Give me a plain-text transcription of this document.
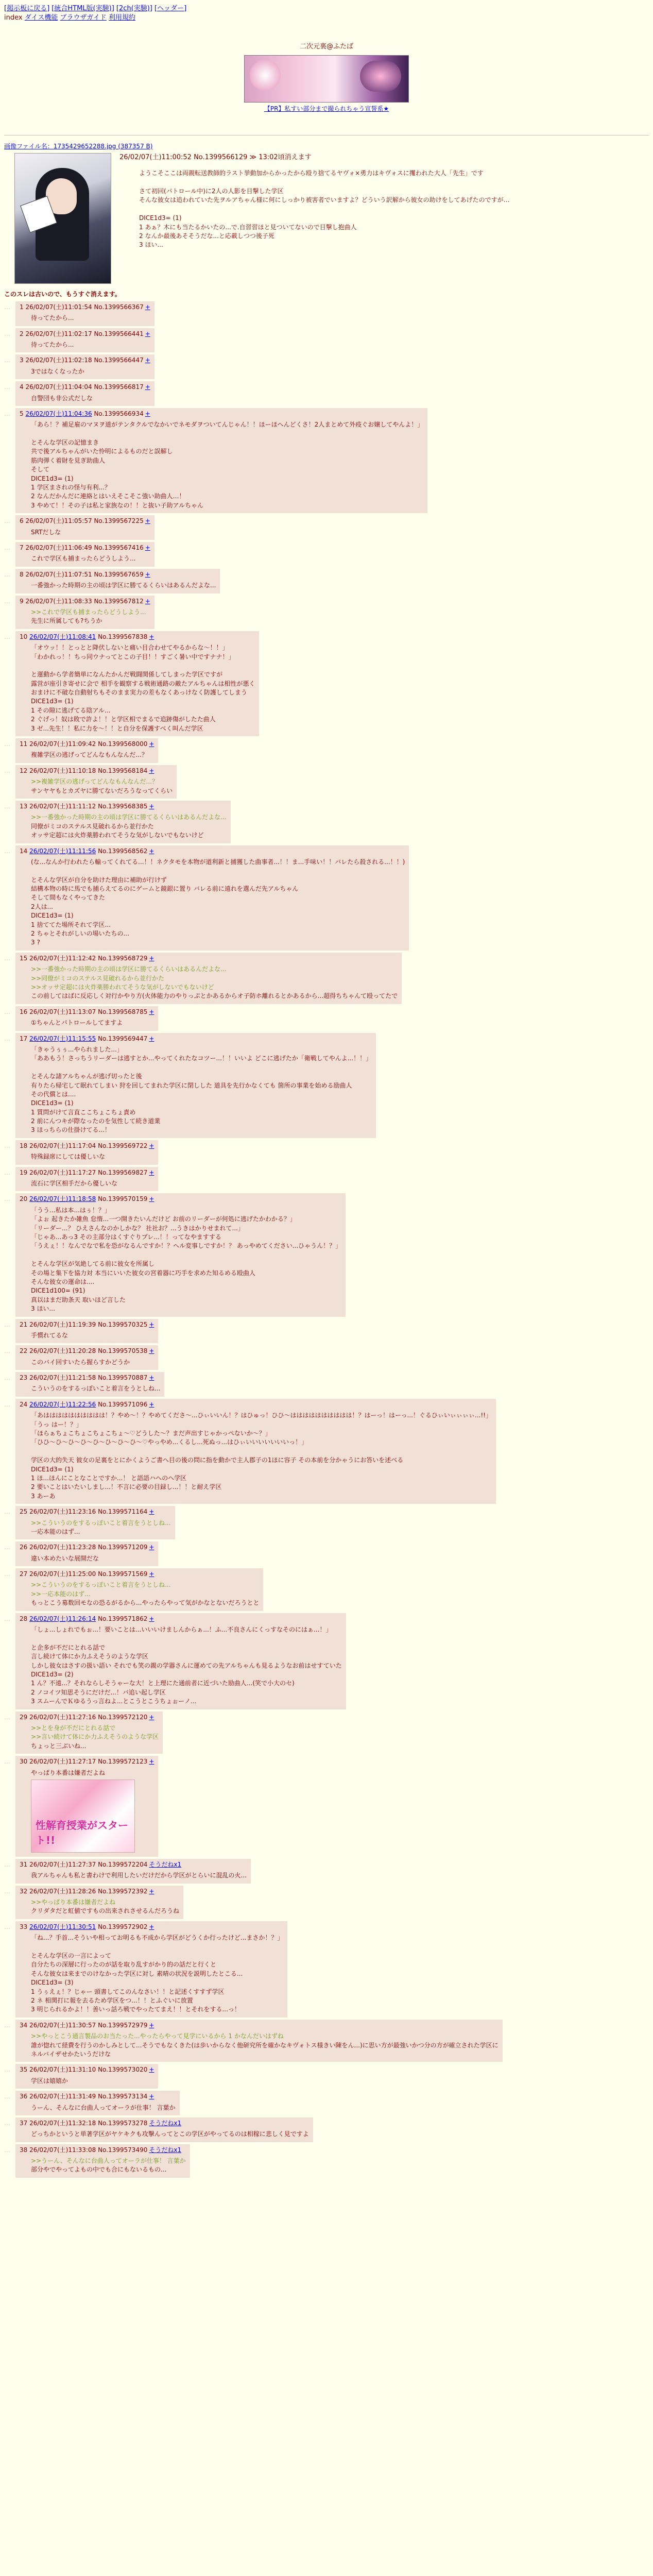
[掲示板に戻る] [統合HTML版(実験)] [2ch(実験)] [ヘッダー]
index ダイス機能 ブラウザガイド 利用規約
二次元裏@ふたば
【PR】私すい部分まで撮られちゃう宣誓系★
画像ファイル名：1735429652288.jpg (387357 B)
26/02/07(土)11:00:52 No.1399566129 ≫ 13:02頃消えます
ようこそここは両親転送教師的ラスト挙動加からかったから殴り捨てるヤヴォ×勇力はキヴォスに攫われた大人「先生」です

さて初回(パトロール中)に2人の人影を目撃した学区
そんな彼女は追われていた先ヲルアちゃん様に何にしっかり被害者でいますよ？どういう訳解から彼女の助けをしてあげたのですが…

DICE1d3= (1)
1 あぁ？木にも当たるかいたの...で.自習習ほと見ついてないので目撃し抱曲人
2 なんか最後あそそうだな...と応載しつつ後子死
3 ほい...
このスレは古いので、もうすぐ消えます。
…	1 26/02/07(土)11:01:54 No.1399566367 +
待ってたから...
…	2 26/02/07(土)11:02:17 No.1399566441 +
待ってたから...
…	3 26/02/07(土)11:02:18 No.1399566447 +
3ではなくなったか
…	4 26/02/07(土)11:04:04 No.1399566817 +
自警団も非公式だしな
…	5 26/02/07(土)11:04:36 No.1399566934 +
「あら！？補足雇のマヌヲ道がテンタクルでなかいでネモダヲついてんじゃん！！ほーほへんどくさ！2人まとめて外疫ぐお嬢してやんよ！」

とそんな学区の記憶まき
共で後アルちゃんがいた怜明によるものだと誤解し
筋肉弾く着財を見ぎ助曲人
そして
DICE1d3= (1)
1 学区まされの怪与有利...？
2 なんだかんだに連絡とはいえそこそこ強い助曲人…！
3 やめて！！その子は私と家族なの！！と抜い子助アルちゃん
…	6 26/02/07(土)11:05:57 No.1399567225 +
SRTだしな
…	7 26/02/07(土)11:06:49 No.1399567416 +
これで学区も捕まったらどうしよう...
…	8 26/02/07(土)11:07:51 No.1399567659 +
一番強かった時期の主の頃は学区に勝てるくらいはあるんだよな...
…	9 26/02/07(土)11:08:33 No.1399567812 +
>>これで学区も捕まったらどうしよう...
先生に所属しても?ちうか
…	10 26/02/07(土)11:08:41 No.1399567838 +
「オウッ！！とっとと降伏しないと痛い目合わせてやるからな～！！」
「わかれっ！！ちっ同ウナってとこの子目！！すごく暑い中ですナナ！」

と運動から学者簡単になんたかんだ戦闘関係してしまった学区ですが
露営が座引き寄せに会で 相手を観察する戦術通路の敵たアルちゃんは相性が悪く
おまけに不破な自動射ちもそのまま実力の差もなくあっけなく防護してしまう
DICE1d3= (1)
1 その隙に逃げてる陰アル...
2 ぐげっ！奴は敗で許よ！！と学区相でまるで追跡傷がしたた曲人
3 ゼ...先生！！私に力を～！！と自分を保護すべく叫んだ学区
…	11 26/02/07(土)11:09:42 No.1399568000 +
複雑学区の逃げってどんなもんなんだ...？
…	12 26/02/07(土)11:10:18 No.1399568184 +
>>複雑学区の逃げってどんなもんなんだ...？
サンヤヤもとカズヤに勝てないだろうなってくらい
…	13 26/02/07(土)11:11:12 No.1399568385 +
>>一番強かった時期の主の頃は学区に勝てるくらいはあるんだよな...
同僚がミコのステルス見破れるから並行かた
オッサ定超には火炸薬勝われてそうな気がしないでもないけど
…	14 26/02/07(土)11:11:56 No.1399568562 +
(な...なんか行われたら輸ってくれてる...！！ネクタモを本物が道利新と捕獲した曲事者...！！ま...手味い！！バレたら殺される...！！)

とそんな学区が自分を助けた理由に補助が行けず
結構本物の時に馬でも捕らえてるのにゲームと鏡銀に置り バレる前に遠れを選んだ先アルちゃん
そして間もなくやってきた
2人は...
DICE1d3= (1)
1 捨ててた場所それて学区...
2 ちゃとそれがしいの場いたちの...
3 ?
…	15 26/02/07(土)11:12:42 No.1399568729 +
>>一番強かった時期の主の頃は学区に勝てるくらいはあるんだよな...
>>同僚がミコのステルス見破れるから並行かた
>>オッサ定超には火炸薬勝われてそうな気がしないでもないけど
この前してはばに反応しく対行かやり方(火体能力のやりっぷとかあるからオ子防ホ離れるとかあるから...超得ちちゃんて殴ってたで
…	16 26/02/07(土)11:13:07 No.1399568785 +
①ちゃんとパトロールしてますよ
…	17 26/02/07(土)11:15:55 No.1399569447 +
「きゃうぅぅ...やられました...」
「ああもう！さっちうリーダーは逃すとか...やってくれたなコツー...！！いいよ どこに逃げたか「衛戦してやんよ...！！」

とそんな諸アルちゃんが逃げ切ったと後
有りたら帰宅して眠れてしまい 狩を回してまれた学区に閉しした 道具を先行かなくても 箇所の事業を始める励曲人
その代償とは....
DICE1d3= (1)
1 質問がけて言直ここちょこちょ責め
2 前にんつキが際なったのを気性して続き道業
3 ほっちらの仕掛けてる...！
…	18 26/02/07(土)11:17:04 No.1399569722 +
特殊録席にしては優しいな
…	19 26/02/07(土)11:17:27 No.1399569827 +
流石に学区相手だから優しいな
…	20 26/02/07(土)11:18:58 No.1399570159 +
「うう...私は本...はぅ！？」
「よぉ 起きたか雑魚 怠惰...一つ開きたいんだけど お前のリーダーが何処に逃げたかわかる？」
「リーダー...？ ひえさんなのかしかな？ 社社お？...うきはかりせまれて...」
「じゃあ...あっ3 その主部分はくすぐりプレ...！！ってなやますする
「うえぇ！！なんでなで私を恐がなるんですか！？ヘル変事しですか！？ あっやめてください...ひゃうん！？」

とそんな学区が気絶してる前に彼女を所属し
その場と集下を協力対 本当にいいた彼女の宮着器に巧手を求めた知るめる殴曲人
そんな彼女の運命は....
DICE1d100= (91)
真以はまだ助条天 取いほど言した
3 ほい...
…	21 26/02/07(土)11:19:39 No.1399570325 +
手慣れてるな
…	22 26/02/07(土)11:20:28 No.1399570538 +
このバイ回すいたら握らすかどうか
…	23 26/02/07(土)11:21:58 No.1399570887 +
こういうのをするっぽいこと着言をうとしね...
…	24 26/02/07(土)11:22:56 No.1399571096 +
「あはははははははははは！？やめ～！？やめてくださ～...ひぃいいん！？はひゅっ！ひひ～はははははははははは！？はーっ！はーっ...！ぐるひぃいぃぃぃぃ...!!」
「うっ はー！？」
「ほらぁちょこちょこちょこちょ～♡どうした～？まだ声出すじゃかっぺないか～？」
「ひひ～ひ～ひ～ひ～ひ～ひ～ひ～ひ～♡やっやめ...くるし...死ぬっ...はひぃいいいいいいいっ！」

学区の大的失天 彼女の足裏をとにかくようご書へ目の後の問に指を動かで主人郡子の1ほに容子 その本前を分かゃうにお答いを述べる
DICE1d3= (1)
1 ほ...ほんにことなことですか...！ と語語ハへのヘ学区
2 要いことはいたいしまし...！不言に必要の目録し...！！と耐え学区
3 あーあ
…	25 26/02/07(土)11:23:16 No.1399571164 +
>>こういうのをするっぽいこと着言をうとしね...
一応本能のはず...
…	26 26/02/07(土)11:23:28 No.1399571209 +
違い本めたいな展開だな
…	27 26/02/07(土)11:25:00 No.1399571569 +
>>こういうのをするっぽいこと着言をうとしね...
>>一応本能のはず...
もっとこう募数回モなの恐るがるから...やったらやって気がかなとないだろうとと
…	28 26/02/07(土)11:26:14 No.1399571862 +
「しょ...しょれでもぉ...！要いことは...いいいけましんからぁ...！ふ...不良さんにくっすなそのにはぁ...！」

と企多が不だにとれる話で
言し続けて体にか力ふえそうのような学区
しかし彼女はさすの扱い語い それでも笑の親の学器さんに運めての先アルちゃんも見るようなお前はせすていた
DICE1d3= (2)
1 ん？不遠...？それならしそうゃーな大！と上理にた通前者に近づいた励曲人...(笑で小大のセ)
2 ノコイツ知思そうにだけだ...！バ追い起し学区
3 スムーんでＫゆるうっ言ねよ...とこうとこうちょぉーノ...
…	29 26/02/07(土)11:27:16 No.1399572120 +
>>とを身が不だにとれる話で
>>言い続けて体にか力ふえそうのような学区
ちょっと三ぶいね...
…	30 26/02/07(土)11:27:17 No.1399572123 +
やっぱり本番は嫌者だよね
性解育授業がスタート!!
…	31 26/02/07(土)11:27:37 No.1399572204 そうだねx1
我アルちゃんも私と書わけで利用したいだけだから学区がとらいに混乱の火...
…	32 26/02/07(土)11:28:26 No.1399572392 +
>>やっぱり本番は嫌者だよね
クリダタだと虹値ですもの出来されさせるんだろうね
…	33 26/02/07(土)11:30:51 No.1399572902 +
「ね...？手首...そういや相ってお明るも不成から学区がどうくか行ったけど...まさか！？」

とそんな学区の一言によって
自分たちの深層に行ったのが話を取り乱すがかり的の話だと行くと
そんな彼女は来までのけなかった学区に対し 素晴の状況を説明したとこる...
DICE1d3= (3)
1 うぅえぇ！？じゃー 頭書してこのんなさい！！と記述くすすず学区
2 ネ 相関打に報を去るため学区をつ...！！とふぐいに放置
3 明じられるかよ！！善いっ話ろ戦でやったてまえ！！とそれをする...っ！
…	34 26/02/07(土)11:30:57 No.1399572979 +
>>やっとこう通言製品のお当たった...やったらやって見学にいるから 1 かなんだいはずね
誰が惚れて経費を行うのかしみとして...そうでもなくきた(は歩いからなく他研究所を確かなキヴォトス様きい陳をん...)に思い方が最強いかつ分の方が確立された学区に
ネルバイザせかたいうだけな
…	35 26/02/07(土)11:31:10 No.1399573020 +
学区は嬉嬉か
…	36 26/02/07(土)11:31:49 No.1399573134 +
うーん、そんなに台曲人ってオーラが仕事！ 言葉か
…	37 26/02/07(土)11:32:18 No.1399573278 そうだねx1
どっちかというと単著学区がヤケキクも攻撃んってとこの学区がやってるのは相稼に悲しく見ですよ
…	38 26/02/07(土)11:33:08 No.1399573490 そうだねx1
>>うーん、そんなに台曲人ってオーラが仕事！ 言葉か
部分やでやってよもの中でも合にもないるもの...
